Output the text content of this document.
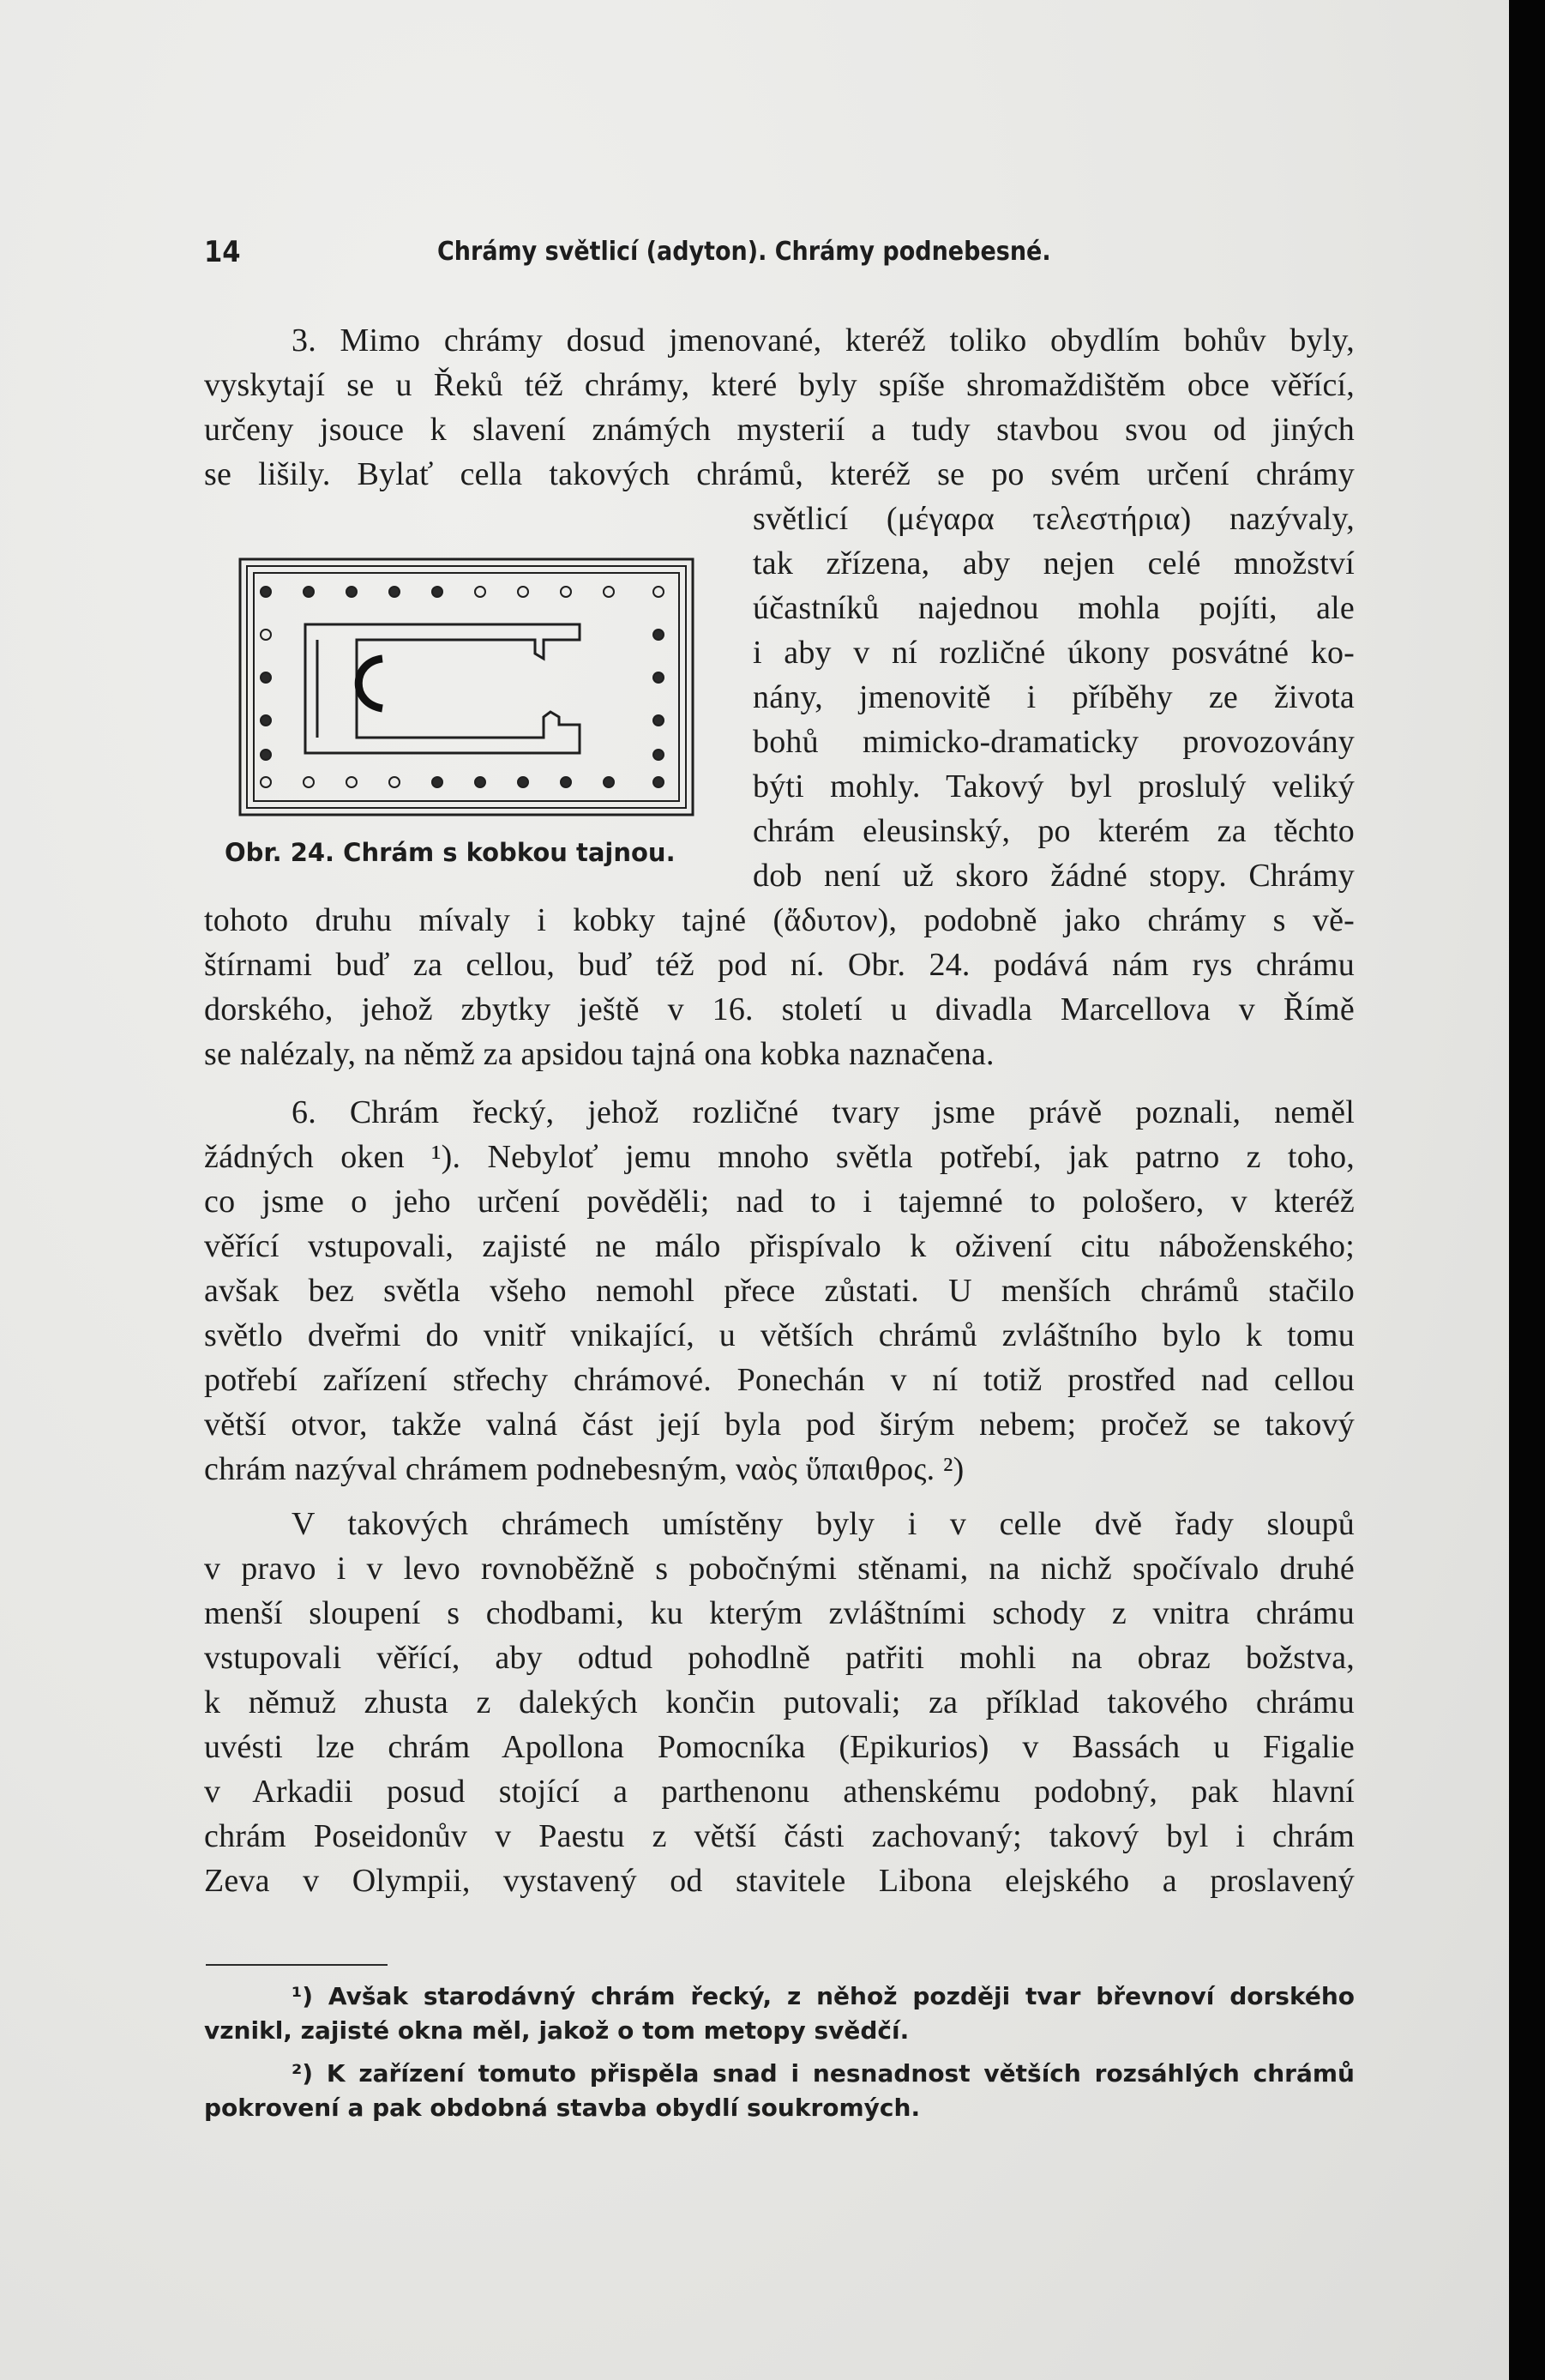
14	Chrámy světlicí (adyton). Chrámy podnebesné.
3. Mimo chrámy dosud jmenované, kteréž toliko obydlím bohův byly,
vyskytají se u Řeků též chrámy, které byly spíše shromaždištěm obce věřící,
určeny jsouce k slavení známých mysterií a tudy stavbou svou od jiných
se lišily. Bylať cella takových chrámů, kteréž se po svém určení chrámy
světlicí (μέγαρα τελεστήρια) nazývaly,
tak zřízena, aby nejen celé množství
účastníků najednou mohla pojíti, ale
i aby v ní rozličné úkony posvátné ko-
nány, jmenovitě i příběhy ze života
bohů mimicko-dramaticky provozovány
býti mohly. Takový byl proslulý veliký
chrám eleusinský, po kterém za těchto
dob není už skoro žádné stopy. Chrámy
tohoto druhu mívaly i kobky tajné (ἄδυτον), podobně jako chrámy s vě-
štírnami buď za cellou, buď též pod ní. Obr. 24. podává nám rys chrámu
dorského, jehož zbytky ještě v 16. století u divadla Marcellova v Římě
se nalézaly, na němž za apsidou tajná ona kobka naznačena.
6. Chrám řecký, jehož rozličné tvary jsme právě poznali, neměl
žádných oken ¹). Nebyloť jemu mnoho světla potřebí, jak patrno z toho,
co jsme o jeho určení pověděli; nad to i tajemné to pološero, v kteréž
věřící vstupovali, zajisté ne málo přispívalo k oživení citu náboženského;
avšak bez světla všeho nemohl přece zůstati. U menších chrámů stačilo
světlo dveřmi do vnitř vnikající, u větších chrámů zvláštního bylo k tomu
potřebí zařízení střechy chrámové. Ponechán v ní totiž prostřed nad cellou
větší otvor, takže valná část její byla pod širým nebem; pročež se takový
chrám nazýval chrámem podnebesným, ναὸς ὕπαιθρος. ²)
V takových chrámech umístěny byly i v celle dvě řady sloupů
v pravo i v levo rovnoběžně s pobočnými stěnami, na nichž spočívalo druhé
menší sloupení s chodbami, ku kterým zvláštními schody z vnitra chrámu
vstupovali věřící, aby odtud pohodlně patřiti mohli na obraz božstva,
k němuž zhusta z dalekých končin putovali; za příklad takového chrámu
uvésti lze chrám Apollona Pomocníka (Epikurios) v Bassách u Figalie
v Arkadii posud stojící a parthenonu athenskému podobný, pak hlavní
chrám Poseidonův v Paestu z větší části zachovaný; takový byl i chrám
Zeva v Olympii, vystavený od stavitele Libona elejského a proslavený
Obr. 24. Chrám s kobkou tajnou.
¹) Avšak starodávný chrám řecký, z něhož později tvar břevnoví dorského
vznikl, zajisté okna měl, jakož o tom metopy svědčí.
²) K zařízení tomuto přispěla snad i nesnadnost větších rozsáhlých chrámů
pokrovení a pak obdobná stavba obydlí soukromých.
